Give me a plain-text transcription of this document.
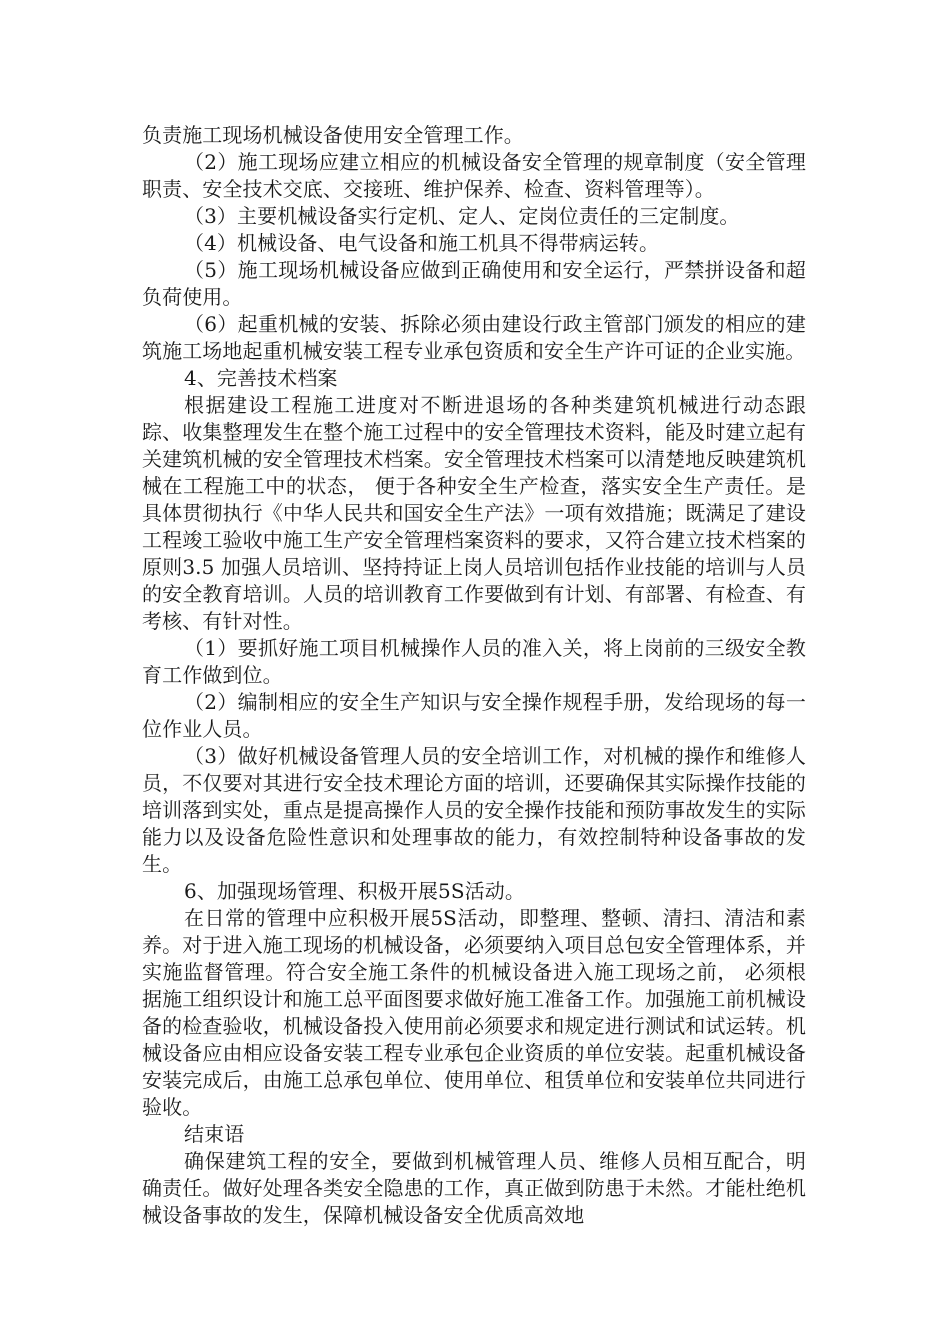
负责施工现场机械设备使用安全管理工作。

（2）施工现场应建立相应的机械设备安全管理的规章制度（安全管理职责、安全技术交底、交接班、维护保养、检查、资料管理等）。

（3）主要机械设备实行定机、定人、定岗位责任的三定制度。

（4）机械设备、电气设备和施工机具不得带病运转。

（5）施工现场机械设备应做到正确使用和安全运行，严禁拼设备和超负荷使用。

（6）起重机械的安装、拆除必须由建设行政主管部门颁发的相应的建筑施工场地起重机械安装工程专业承包资质和安全生产许可证的企业实施。

4、完善技术档案

根据建设工程施工进度对不断进退场的各种类建筑机械进行动态跟踪、收集整理发生在整个施工过程中的安全管理技术资料，能及时建立起有关建筑机械的安全管理技术档案。安全管理技术档案可以清楚地反映建筑机械在工程施工中的状态， 便于各种安全生产检查，落实安全生产责任。是具体贯彻执行《中华人民共和国安全生产法》一项有效措施；既满足了建设工程竣工验收中施工生产安全管理档案资料的要求，又符合建立技术档案的原则3.5 加强人员培训、坚持持证上岗人员培训包括作业技能的培训与人员的安全教育培训。人员的培训教育工作要做到有计划、有部署、有检查、有考核、有针对性。

（1）要抓好施工项目机械操作人员的准入关，将上岗前的三级安全教育工作做到位。

（2）编制相应的安全生产知识与安全操作规程手册，发给现场的每一位作业人员。

（3）做好机械设备管理人员的安全培训工作，对机械的操作和维修人员，不仅要对其进行安全技术理论方面的培训，还要确保其实际操作技能的培训落到实处，重点是提高操作人员的安全操作技能和预防事故发生的实际能力以及设备危险性意识和处理事故的能力，有效控制特种设备事故的发生。

6、加强现场管理、积极开展5S活动。

在日常的管理中应积极开展5S活动，即整理、整顿、清扫、清洁和素养。对于进入施工现场的机械设备，必须要纳入项目总包安全管理体系，并实施监督管理。符合安全施工条件的机械设备进入施工现场之前， 必须根据施工组织设计和施工总平面图要求做好施工准备工作。加强施工前机械设备的检查验收，机械设备投入使用前必须要求和规定进行测试和试运转。机械设备应由相应设备安装工程专业承包企业资质的单位安装。起重机械设备安装完成后，由施工总承包单位、使用单位、租赁单位和安装单位共同进行验收。

结束语

确保建筑工程的安全，要做到机械管理人员、维修人员相互配合，明确责任。做好处理各类安全隐患的工作，真正做到防患于未然。才能杜绝机械设备事故的发生，保障机械设备安全优质高效地
